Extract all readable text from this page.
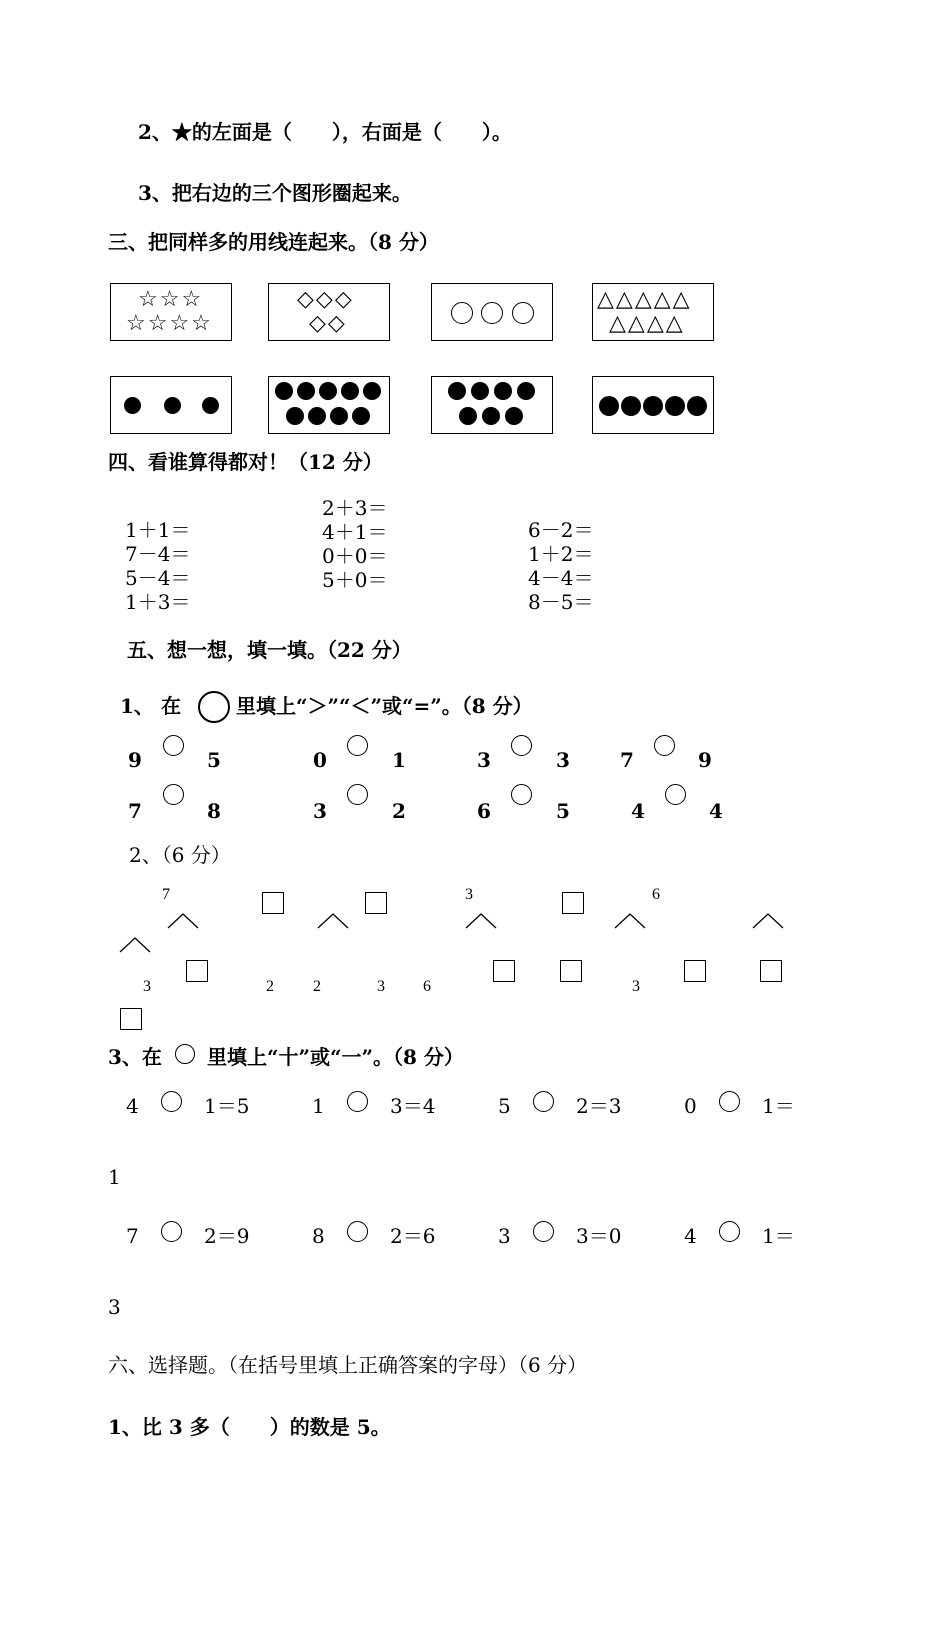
2、★的左面是（　　），右面是（　　）。
3、把右边的三个图形圈起来。
三、把同样多的用线连起来。（8 分）
☆☆☆
☆☆☆☆
◇◇◇
◇◇
△△△△△
△△△△
四、看谁算得都对！（12 分）
1＋1＝
7－4＝
5－4＝
1＋3＝
2＋3＝
4＋1＝
0＋0＝
5＋0＝
6－2＝
1＋2＝
4－4＝
8－5＝
五、想一想，填一填。（22 分）
1、 在	里填上“＞”“＜”或“=”。（8 分）
9	5	0	1	3	3	7	9
7	8	3	2	6	5	4	4
2、（6 分）
7	3	6
3	2 2	3 6	3
3、在 里填上“十”或“一”。（8 分）
4	1＝5	1	3＝4	5	2＝3	0	1＝
1
7	2＝9	8	2＝6	3	3＝0	4	1＝
3
六、选择题。（在括号里填上正确答案的字母）（6 分）
1、比 3 多（　　）的数是 5。
